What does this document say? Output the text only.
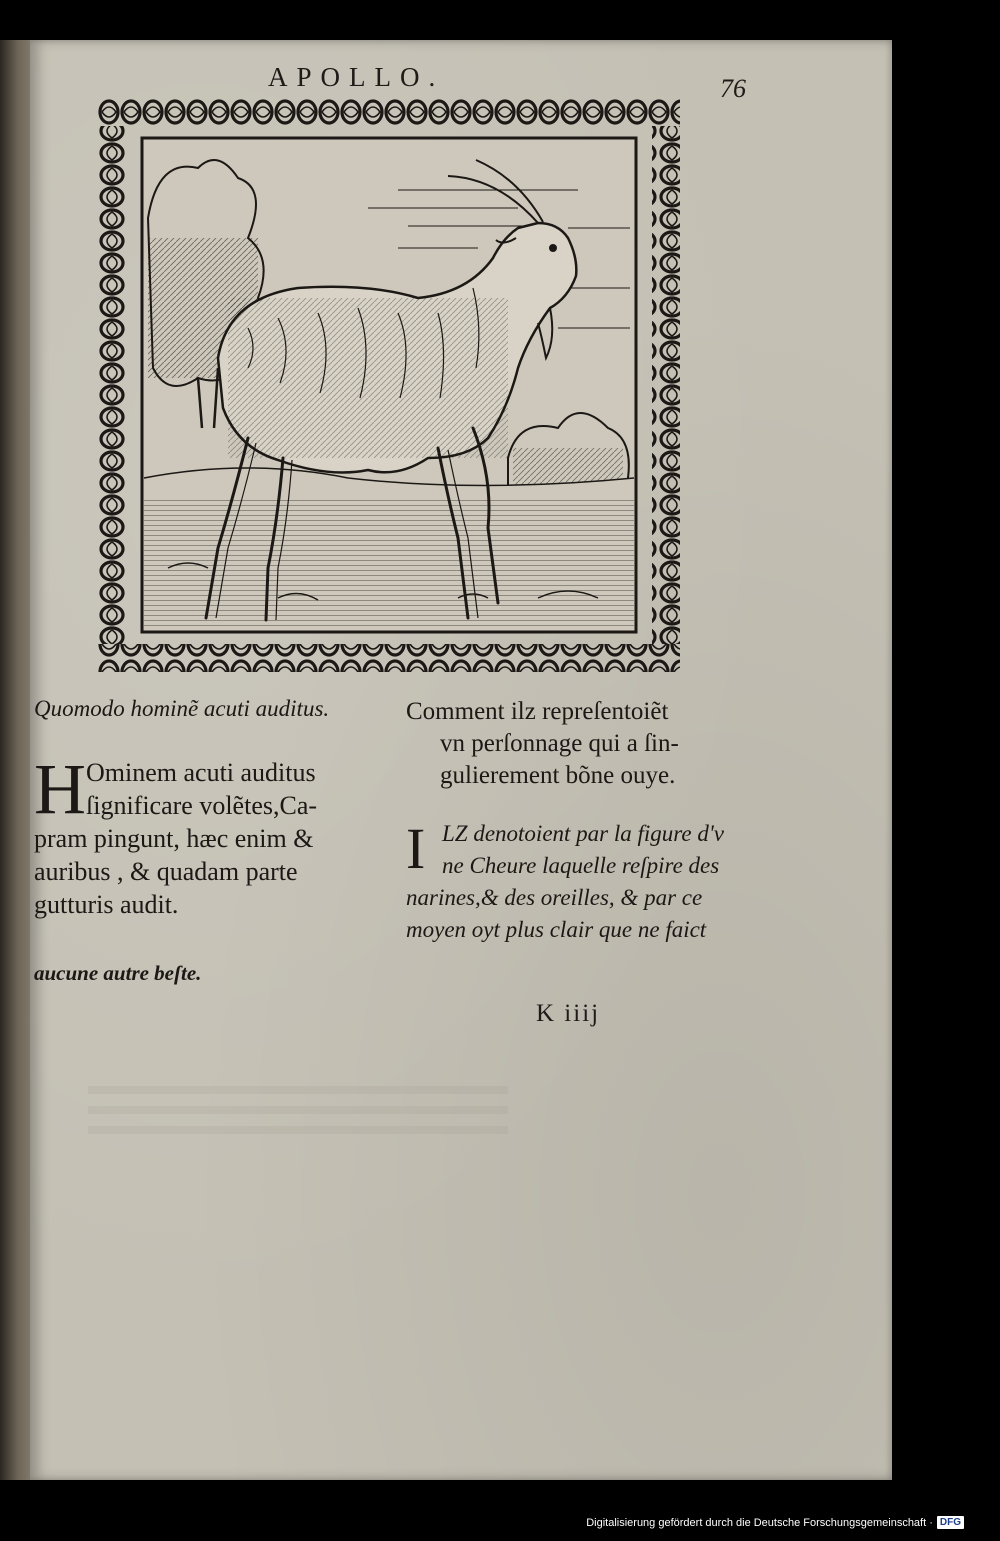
APOLLO.	76

Quomodo hominẽ acuti auditus.

H Ominem acuti auditus
ſignificare volẽtes,Ca-
pram pingunt, hæc enim &
auribus , & quadam parte
gutturis audit.
aucune autre beſte.
Comment ilz repreſentoiẽt
vn perſonnage qui a ſin-
gulierement bõne ouye.
I LZ denotoient par la figure d'v
ne Cheure laquelle reſpire des
narines,& des oreilles, & par ce
moyen oyt plus clair que ne faict
K iiij
Digitalisierung gefördert durch die Deutsche Forschungsgemeinschaft · DFG
